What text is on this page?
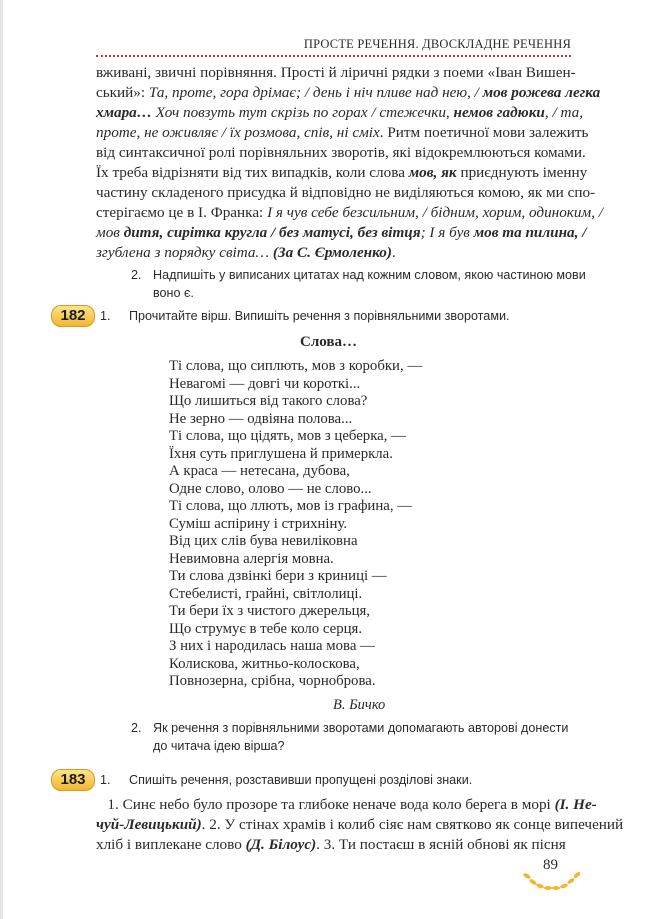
ПРОСТЕ РЕЧЕННЯ. ДВОСКЛАДНЕ РЕЧЕННЯ
вживані, звичні порівняння. Прості й ліричні рядки з поеми «Іван Вишен-
ський»: Та, проте, гора дрімає; / день і ніч пливе над нею, / мов рожева легка
хмара… Хоч повзуть тут скрізь по горах / стежечки, немов гадюки, / та,
проте, не оживляє / їх розмова, спів, ні сміх. Ритм поетичної мови залежить
від синтаксичної ролі порівняльних зворотів, які відокремлюються комами.
Їх треба відрізняти від тих випадків, коли слова мов, як приєднують іменну
частину складеного присудка й відповідно не виділяються комою, як ми спо-
стерігаємо це в І. Франка: І я чув себе безсильним, / бідним, хорим, одиноким, /
мов дитя, сирітка кругла / без матусі, без вітця; І я був мов та пилина, /
згублена з порядку світа… (За С. Єрмоленко).
2. Надпишіть у виписаних цитатах над кожним словом, якою частиною мови
воно є.
182	1. Прочитайте вірш. Випишіть речення з порівняльними зворотами.
Слова…
Ті слова, що сиплють, мов з коробки, —
Невагомі — довгі чи короткі...
Що лишиться від такого слова?
Не зерно — одвіяна полова...
Ті слова, що цідять, мов з цеберка, —
Їхня суть приглушена й примеркла.
А краса — нетесана, дубова,
Одне слово, олово — не слово...
Ті слова, що ллють, мов із графина, —
Суміш аспірину і стрихніну.
Від цих слів бува невиліковна
Невимовна алергія мовна.
Ти слова дзвінкі бери з криниці —
Стебелисті, грайні, світлолиці.
Ти бери їх з чистого джерельця,
Що струмує в тебе коло серця.
З них і народилась наша мова —
Колискова, житньо-колоскова,
Повнозерна, срібна, чорноброва.
В. Бичко
2. Як речення з порівняльними зворотами допомагають авторові донести
до читача ідею вірша?
183	1. Спишіть речення, розставивши пропущені розділові знаки.
1. Синє небо було прозоре та глибоке неначе вода коло берега в морі (І. Не-
чуй-Левицький). 2. У стінах храмів і колиб сіяє нам святково як сонце випечений
хліб і виплекане слово (Д. Білоус). 3. Ти постаєш в ясній обнові як пісня
89
